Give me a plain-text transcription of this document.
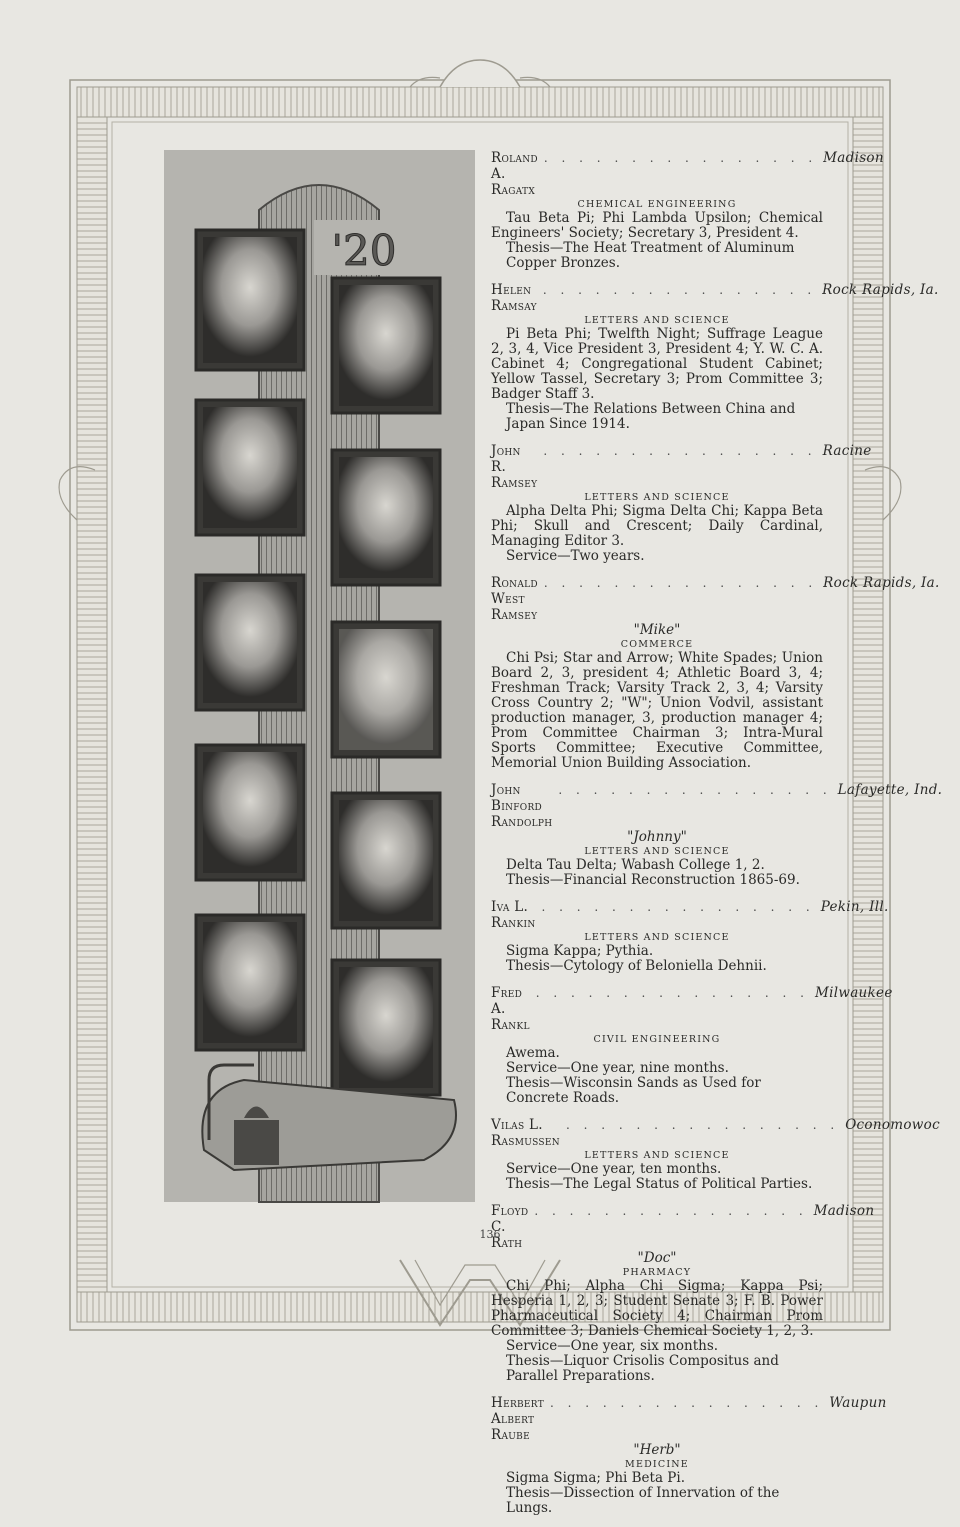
'20
Roland A. Ragatx
. . . . . . . . . . . . . . . . Madison
CHEMICAL ENGINEERING

Tau Beta Pi; Phi Lambda Upsilon; Chemical Engineers' Society; Secretary 3, President 4.

Thesis—The Heat Treatment of Aluminum Copper Bronzes.

Helen Ramsay
. . . . . . . . . . . . . . . . Rock Rapids, Ia.
LETTERS AND SCIENCE

Pi Beta Phi; Twelfth Night; Suffrage League 2, 3, 4, Vice President 3, President 4; Y. W. C. A. Cabinet 4; Congregational Student Cabinet; Yellow Tassel, Secretary 3; Prom Committee 3; Badger Staff 3.

Thesis—The Relations Between China and Japan Since 1914.

John R. Ramsey
. . . . . . . . . . . . . . . . Racine
LETTERS AND SCIENCE

Alpha Delta Phi; Sigma Delta Chi; Kappa Beta Phi; Skull and Crescent; Daily Cardinal, Managing Editor 3.

Service—Two years.

Ronald West Ramsey
. . . . . . . . . . . . . . . . Rock Rapids, Ia.
"Mike"
COMMERCE

Chi Psi; Star and Arrow; White Spades; Union Board 2, 3, president 4; Athletic Board 3, 4; Freshman Track; Varsity Track 2, 3, 4; Varsity Cross Country 2; "W"; Union Vodvil, assistant production manager, 3, production manager 4; Prom Committee Chairman 3; Intra-Mural Sports Committee; Executive Committee, Memorial Union Building Association.

John Binford Randolph
. . . . . . . . . . . . . . . . Lafayette, Ind.
"Johnny"
LETTERS AND SCIENCE

Delta Tau Delta; Wabash College 1, 2.

Thesis—Financial Reconstruction 1865-69.

Iva L. Rankin
. . . . . . . . . . . . . . . . Pekin, Ill.
LETTERS AND SCIENCE

Sigma Kappa; Pythia.

Thesis—Cytology of Beloniella Dehnii.

Fred A. Rankl
. . . . . . . . . . . . . . . . Milwaukee
CIVIL ENGINEERING

Awema.

Service—One year, nine months.

Thesis—Wisconsin Sands as Used for Concrete Roads.

Vilas L. Rasmussen
. . . . . . . . . . . . . . . . Oconomowoc
LETTERS AND SCIENCE

Service—One year, ten months.

Thesis—The Legal Status of Political Parties.

Floyd C. Rath
. . . . . . . . . . . . . . . . Madison
"Doc"
PHARMACY

Chi Phi; Alpha Chi Sigma; Kappa Psi; Hesperia 1, 2, 3; Student Senate 3; F. B. Power Pharmaceutical Society 4; Chairman Prom Committee 3; Daniels Chemical Society 1, 2, 3.

Service—One year, six months.

Thesis—Liquor Crisolis Compositus and Parallel Preparations.

Herbert Albert Raube
. . . . . . . . . . . . . . . . Waupun
"Herb"
MEDICINE

Sigma Sigma; Phi Beta Pi.

Thesis—Dissection of Innervation of the Lungs.

136
